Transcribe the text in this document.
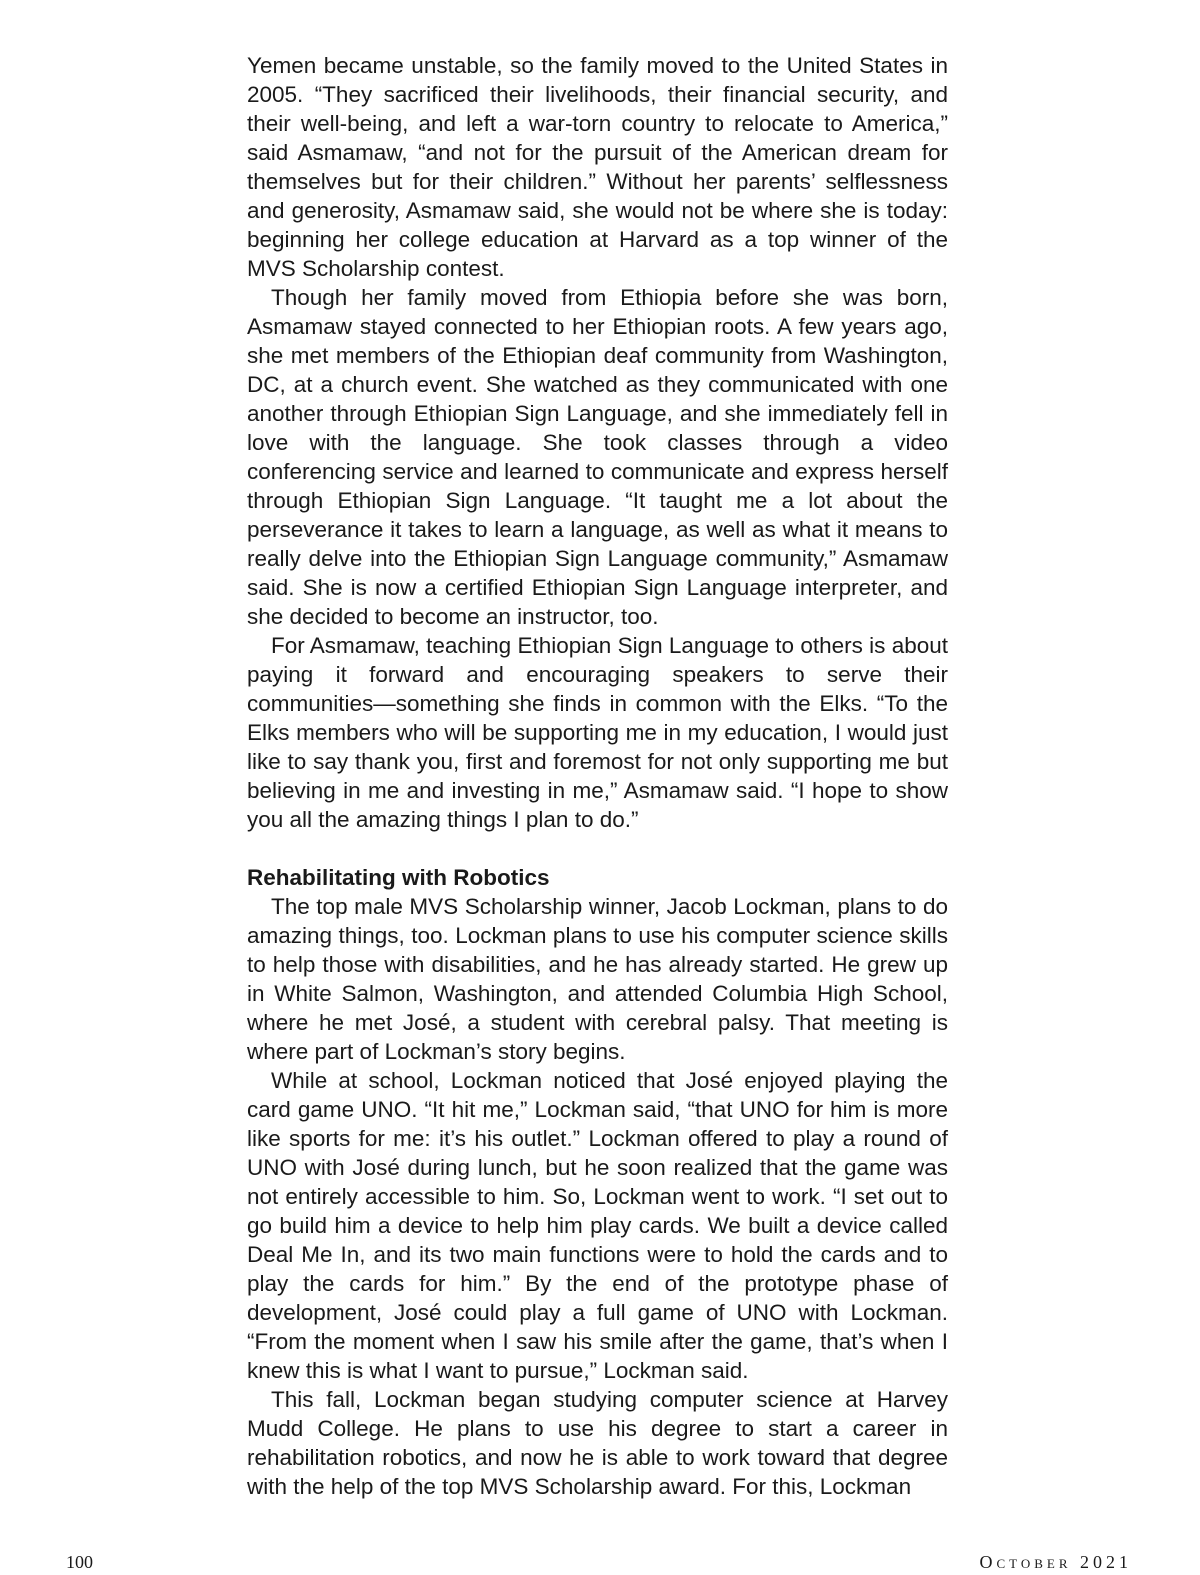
Yemen became unstable, so the family moved to the United States in 2005. “They sacrificed their livelihoods, their financial security, and their well-being, and left a war-torn country to relocate to America,” said Asmamaw, “and not for the pursuit of the American dream for themselves but for their children.” Without her parents’ selflessness and generosity, Asmamaw said, she would not be where she is today: beginning her college education at Harvard as a top winner of the MVS Scholarship contest.

Though her family moved from Ethiopia before she was born, Asmamaw stayed connected to her Ethiopian roots. A few years ago, she met members of the Ethiopian deaf community from Washington, DC, at a church event. She watched as they communicated with one another through Ethiopian Sign Language, and she immediately fell in love with the language. She took classes through a video conferencing service and learned to communicate and express herself through Ethiopian Sign Language. “It taught me a lot about the perseverance it takes to learn a language, as well as what it means to really delve into the Ethiopian Sign Language community,” Asmamaw said. She is now a certified Ethiopian Sign Language interpreter, and she decided to become an instructor, too.

For Asmamaw, teaching Ethiopian Sign Language to others is about paying it forward and encouraging speakers to serve their communities—something she finds in common with the Elks. “To the Elks members who will be supporting me in my education, I would just like to say thank you, first and foremost for not only supporting me but believing in me and investing in me,” Asmamaw said. “I hope to show you all the amazing things I plan to do.”

Rehabilitating with Robotics

The top male MVS Scholarship winner, Jacob Lockman, plans to do amazing things, too. Lockman plans to use his computer science skills to help those with disabilities, and he has already started. He grew up in White Salmon, Washington, and attended Columbia High School, where he met José, a student with cerebral palsy. That meeting is where part of Lockman’s story begins.

While at school, Lockman noticed that José enjoyed playing the card game UNO. “It hit me,” Lockman said, “that UNO for him is more like sports for me: it’s his outlet.” Lockman offered to play a round of UNO with José during lunch, but he soon realized that the game was not entirely accessible to him. So, Lockman went to work. “I set out to go build him a device to help him play cards. We built a device called Deal Me In, and its two main functions were to hold the cards and to play the cards for him.” By the end of the prototype phase of development, José could play a full game of UNO with Lockman. “From the moment when I saw his smile after the game, that’s when I knew this is what I want to pursue,” Lockman said.

This fall, Lockman began studying computer science at Harvey Mudd College. He plans to use his degree to start a career in rehabilitation robotics, and now he is able to work toward that degree with the help of the top MVS Scholarship award. For this, Lockman

100	October 2021
